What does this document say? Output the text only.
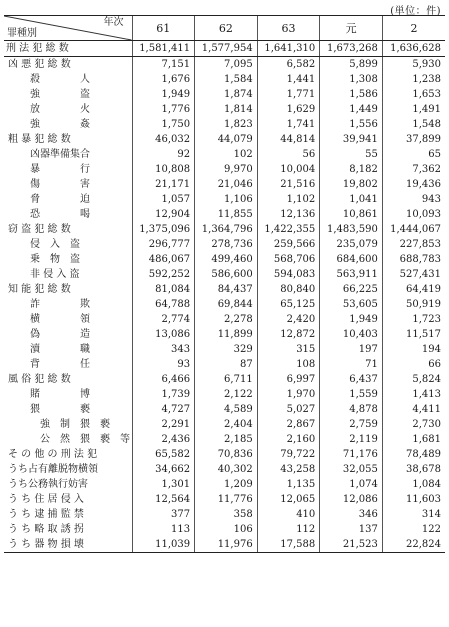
(単位：件)
年次
罪種別	61	62	63	元	2
刑 法 犯 総 数	1,581,411	1,577,954	1,641,310	1,673,268	1,636,628
凶 悪 犯 総 数	7,151	7,095	6,582	5,899	5,930
殺　　　　人	1,676	1,584	1,441	1,308	1,238
強　　　　盗	1,949	1,874	1,771	1,586	1,653
放　　　　火	1,776	1,814	1,629	1,449	1,491
強　　　　姦	1,750	1,823	1,741	1,556	1,548
粗 暴 犯 総 数	46,032	44,079	44,814	39,941	37,899
凶器準備集合	92	102	56	55	65
暴　　　　行	10,808	9,970	10,004	8,182	7,362
傷　　　　害	21,171	21,046	21,516	19,802	19,436
脅　　　　迫	1,057	1,106	1,102	1,041	943
恐　　　　喝	12,904	11,855	12,136	10,861	10,093
窃 盗 犯 総 数	1,375,096	1,364,796	1,422,355	1,483,590	1,444,067
侵　入　盗	296,777	278,736	259,566	235,079	227,853
乗　物　盗	486,067	499,460	568,706	684,600	688,783
非 侵 入 盗	592,252	586,600	594,083	563,911	527,431
知 能 犯 総 数	81,084	84,437	80,840	66,225	64,419
詐　　　　欺	64,788	69,844	65,125	53,605	50,919
横　　　　領	2,774	2,278	2,420	1,949	1,723
偽　　　　造	13,086	11,899	12,872	10,403	11,517
瀆　　　　職	343	329	315	197	194
背　　　　任	93	87	108	71	66
風 俗 犯 総 数	6,466	6,711	6,997	6,437	5,824
賭　　　　博	1,739	2,122	1,970	1,559	1,413
猥　　　　褻	4,727	4,589	5,027	4,878	4,411
強　制　猥　褻	2,291	2,404	2,867	2,759	2,730
公　然　猥　褻　等	2,436	2,185	2,160	2,119	1,681
そ の 他 の 刑 法 犯	65,582	70,836	79,722	71,176	78,489
うち占有離脱物横領	34,662	40,302	43,258	32,055	38,678
うち公務執行妨害	1,301	1,209	1,135	1,074	1,084
う ち 住 居 侵 入	12,564	11,776	12,065	12,086	11,603
う ち 逮 捕 監 禁	377	358	410	346	314
う ち 略 取 誘 拐	113	106	112	137	122
う ち 器 物 損 壊	11,039	11,976	17,588	21,523	22,824
